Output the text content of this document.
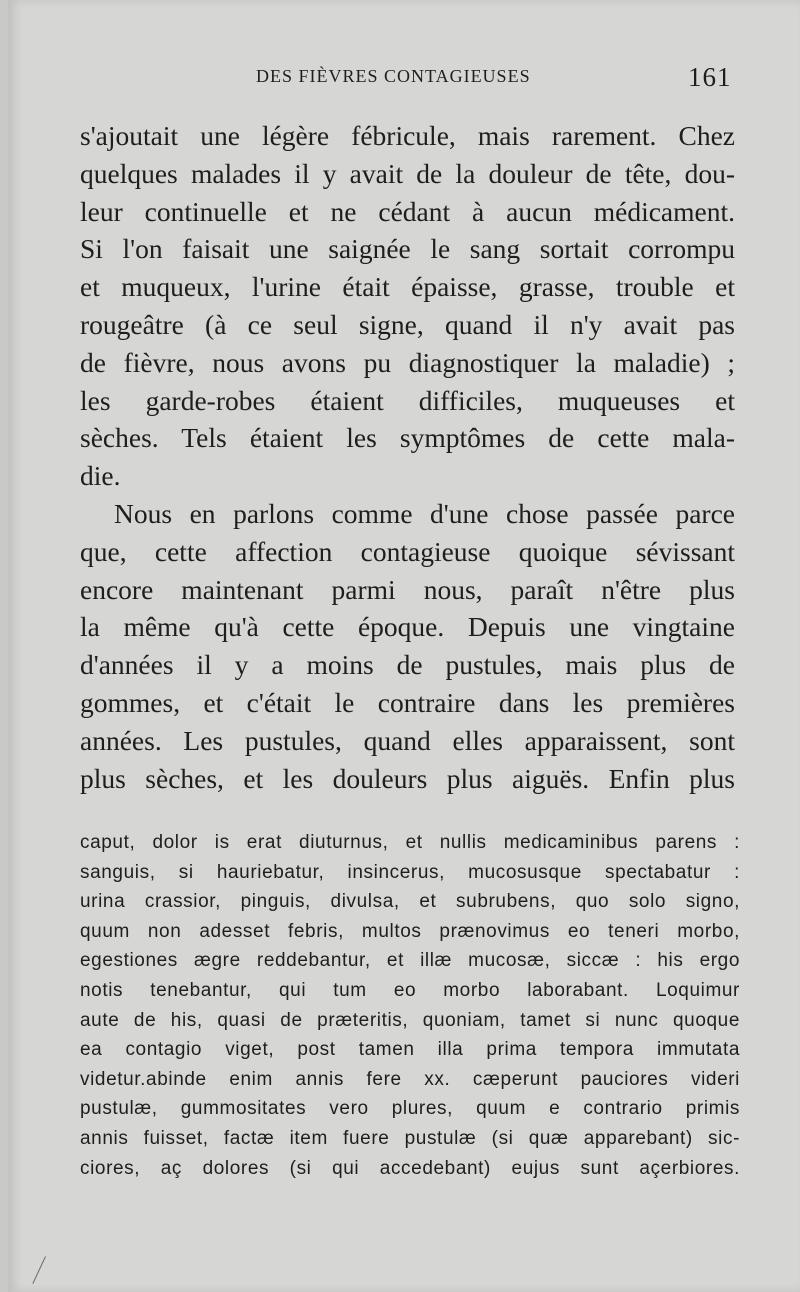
DES FIÈVRES CONTAGIEUSES	161
s'ajoutait une légère fébricule, mais rarement. Chez
quelques malades il y avait de la douleur de tête, dou-
leur continuelle et ne cédant à aucun médicament.
Si l'on faisait une saignée le sang sortait corrompu
et muqueux, l'urine était épaisse, grasse, trouble et
rougeâtre (à ce seul signe, quand il n'y avait pas
de fièvre, nous avons pu diagnostiquer la maladie) ;
les garde-robes étaient difficiles, muqueuses et
sèches. Tels étaient les symptômes de cette mala-
die.
Nous en parlons comme d'une chose passée parce
que, cette affection contagieuse quoique sévissant
encore maintenant parmi nous, paraît n'être plus
la même qu'à cette époque. Depuis une vingtaine
d'années il y a moins de pustules, mais plus de
gommes, et c'était le contraire dans les premières
années. Les pustules, quand elles apparaissent, sont
plus sèches, et les douleurs plus aiguës. Enfin plus
caput, dolor is erat diuturnus, et nullis medicaminibus parens :
sanguis, si hauriebatur, insincerus, mucosusque spectabatur :
urina crassior, pinguis, divulsa, et subrubens, quo solo signo,
quum non adesset febris, multos prænovimus eo teneri morbo,
egestiones ægre reddebantur, et illæ mucosæ, siccæ : his ergo
notis tenebantur, qui tum eo morbo laborabant. Loquimur
aute de his, quasi de præteritis, quoniam, tamet si nunc quoque
ea contagio viget, post tamen illa prima tempora immutata
videtur.abinde enim annis fere xx. cæperunt pauciores videri
pustulæ, gummositates vero plures, quum e contrario primis
annis fuisset, factæ item fuere pustulæ (si quæ apparebant) sic-
ciores, aç dolores (si qui accedebant) eujus sunt açerbiores.
